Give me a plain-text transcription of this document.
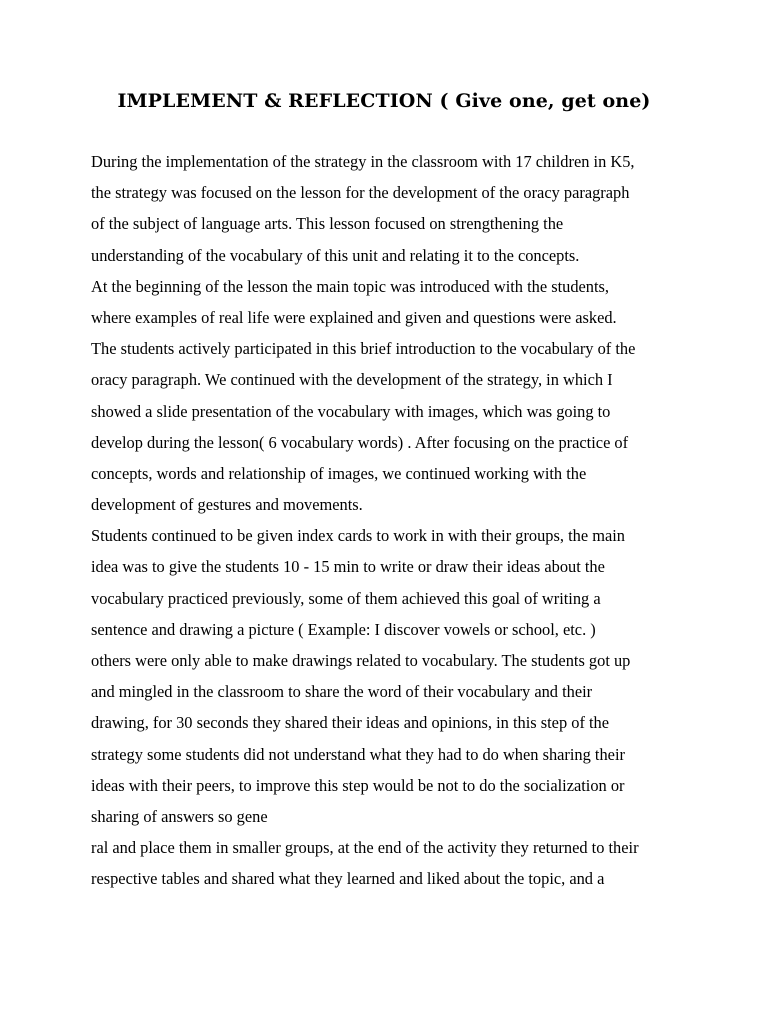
IMPLEMENT & REFLECTION ( Give one, get one)
During the implementation of the strategy in the classroom with 17 children in K5,
the strategy was focused on the lesson for the development of the oracy paragraph
of the subject of language arts. This lesson focused on strengthening the
understanding of the vocabulary of this unit and relating it to the concepts.
At the beginning of the lesson the main topic was introduced with the students,
where examples of real life were explained and given and questions were asked.
The students actively participated in this brief introduction to the vocabulary of the
oracy paragraph. We continued with the development of the strategy, in which I
showed a slide presentation of the vocabulary with images, which was going to
develop during the lesson( 6 vocabulary words) . After focusing on the practice of
concepts, words and relationship of images, we continued working with the
development of gestures and movements.
Students continued to be given index cards to work in with their groups, the main
idea was to give the students 10 - 15 min to write or draw their ideas about the
vocabulary practiced previously, some of them achieved this goal of writing a
sentence and drawing a picture ( Example: I discover vowels or school, etc. )
others were only able to make drawings related to vocabulary. The students got up
and mingled in the classroom to share the word of their vocabulary and their
drawing, for 30 seconds they shared their ideas and opinions, in this step of the
strategy some students did not understand what they had to do when sharing their
ideas with their peers, to improve this step would be not to do the socialization or
sharing of answers so gene
ral and place them in smaller groups, at the end of the activity they returned to their
respective tables and shared what they learned and liked about the topic, and a
